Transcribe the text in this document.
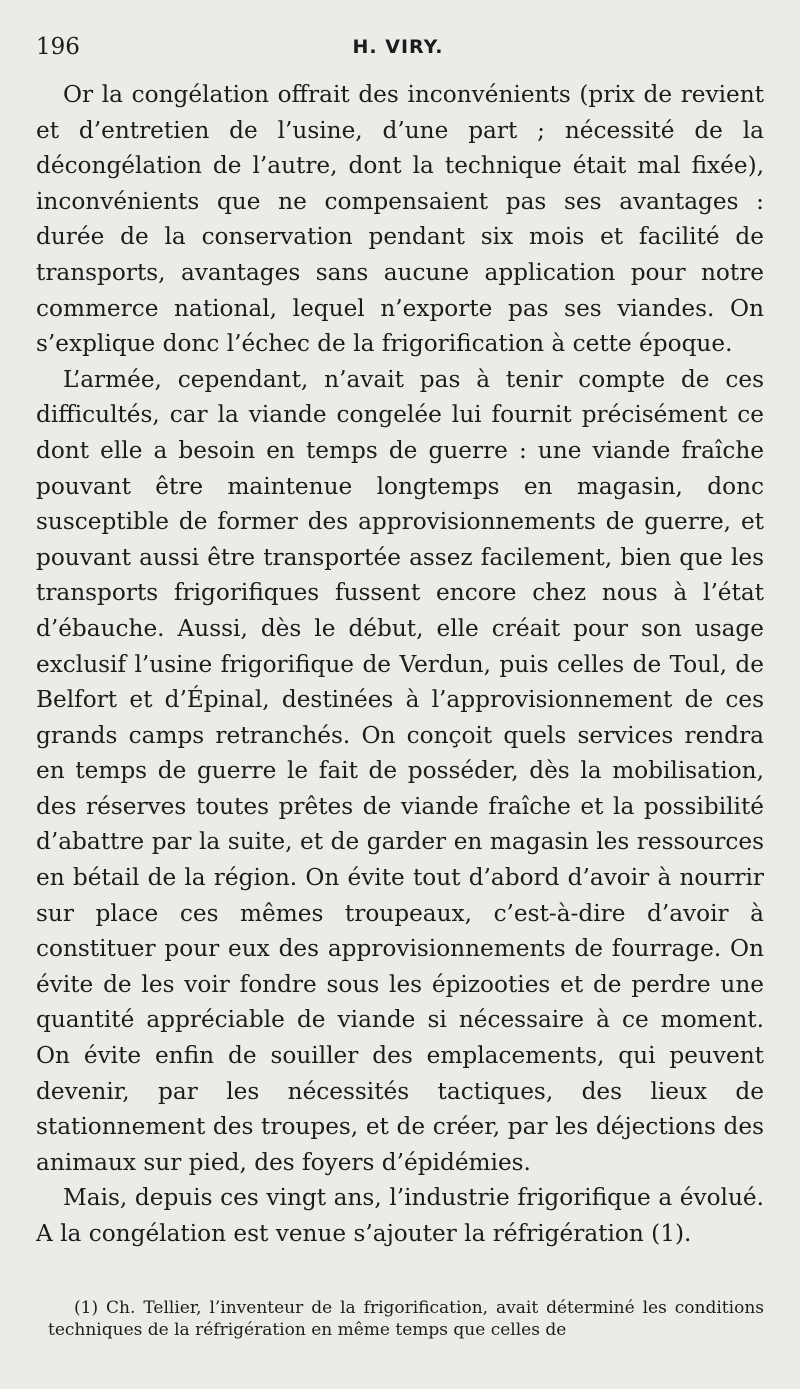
196	H. VIRY.

Or la congélation offrait des inconvénients (prix de revient et d’entretien de l’usine, d’une part ; nécessité de la décongélation de l’autre, dont la technique était mal fixée), inconvénients que ne compensaient pas ses avantages : durée de la conservation pendant six mois et facilité de transports, avantages sans aucune application pour notre commerce national, lequel n’exporte pas ses viandes. On s’explique donc l’échec de la frigorification à cette époque.

L’armée, cependant, n’avait pas à tenir compte de ces difficultés, car la viande congelée lui fournit précisément ce dont elle a besoin en temps de guerre : une viande fraîche pouvant être maintenue longtemps en magasin, donc susceptible de former des approvisionnements de guerre, et pouvant aussi être transportée assez facilement, bien que les transports frigorifiques fussent encore chez nous à l’état d’ébauche. Aussi, dès le début, elle créait pour son usage exclusif l’usine frigorifique de Verdun, puis celles de Toul, de Belfort et d’Épinal, destinées à l’approvisionnement de ces grands camps retranchés. On conçoit quels services rendra en temps de guerre le fait de posséder, dès la mobilisation, des réserves toutes prêtes de viande fraîche et la possibilité d’abattre par la suite, et de garder en magasin les ressources en bétail de la région. On évite tout d’abord d’avoir à nourrir sur place ces mêmes troupeaux, c’est-à-dire d’avoir à constituer pour eux des approvisionnements de fourrage. On évite de les voir fondre sous les épizooties et de perdre une quantité appréciable de viande si nécessaire à ce moment. On évite enfin de souiller des emplacements, qui peuvent devenir, par les nécessités tactiques, des lieux de stationnement des troupes, et de créer, par les déjections des animaux sur pied, des foyers d’épidémies.

Mais, depuis ces vingt ans, l’industrie frigorifique a évolué. A la congélation est venue s’ajouter la réfrigération (1).

(1) Ch. Tellier, l’inventeur de la frigorification, avait déterminé les conditions techniques de la réfrigération en même temps que celles de
